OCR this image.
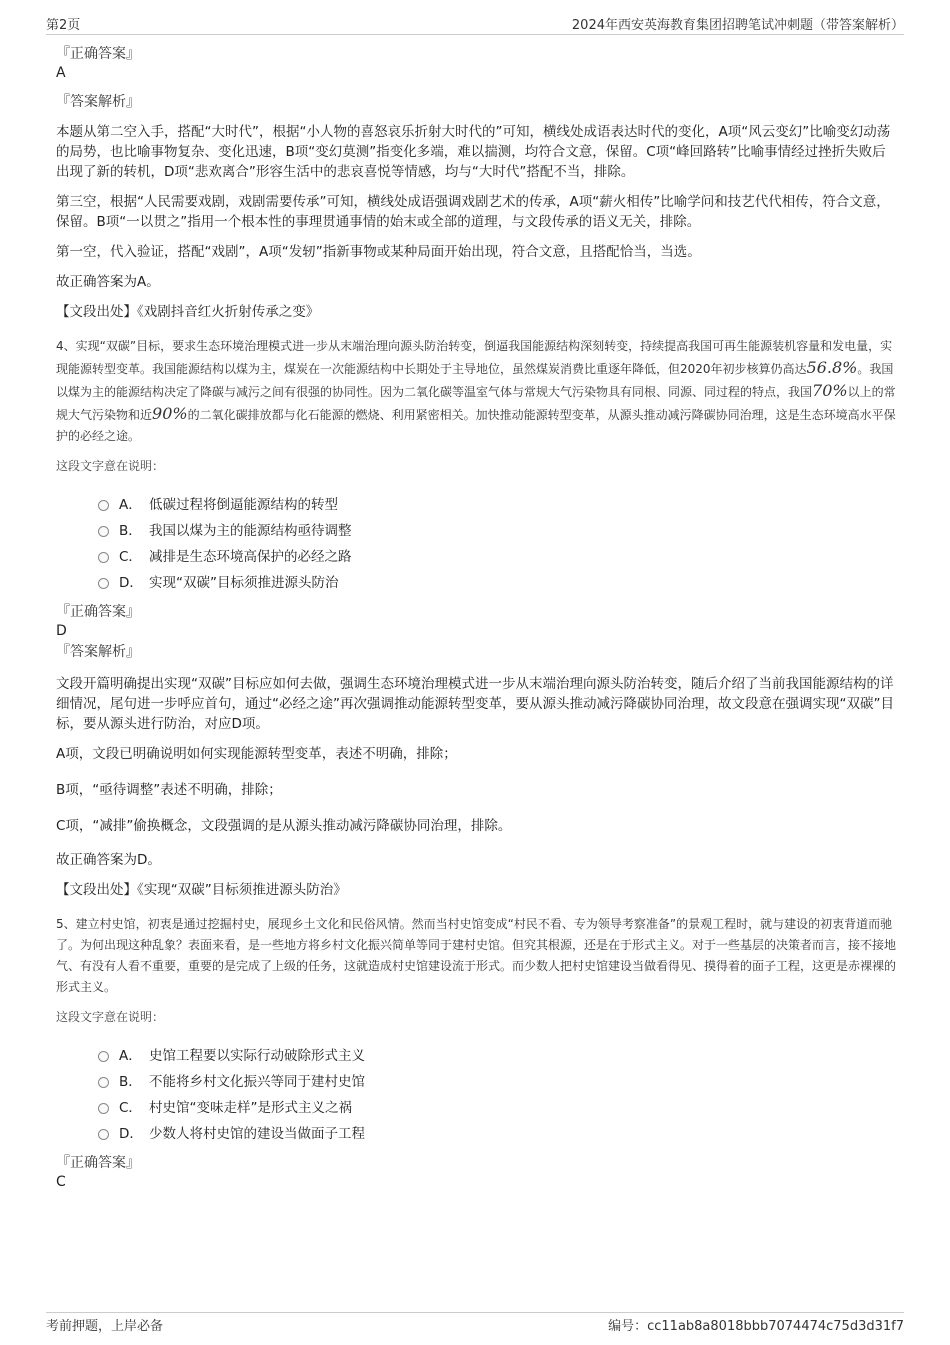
第2页	2024年西安英海教育集团招聘笔试冲刺题（带答案解析）
『正确答案』
A
『答案解析』

本题从第二空入手，搭配“大时代”，根据“小人物的喜怒哀乐折射大时代的”可知，横线处成语表达时代的变化，A项“风云变幻”比喻变幻动荡的局势，也比喻事物复杂、变化迅速，B项“变幻莫测”指变化多端，难以揣测，均符合文意，保留。C项“峰回路转”比喻事情经过挫折失败后出现了新的转机，D项“悲欢离合”形容生活中的悲哀喜悦等情感，均与“大时代”搭配不当，排除。

第三空，根据“人民需要戏剧，戏剧需要传承”可知，横线处成语强调戏剧艺术的传承，A项“薪火相传”比喻学问和技艺代代相传，符合文意，保留。B项“一以贯之”指用一个根本性的事理贯通事情的始末或全部的道理，与文段传承的语义无关，排除。

第一空，代入验证，搭配“戏剧”，A项“发轫”指新事物或某种局面开始出现，符合文意，且搭配恰当，当选。

故正确答案为A。

【文段出处】《戏剧抖音红火折射传承之变》

4、实现“双碳”目标，要求生态环境治理模式进一步从末端治理向源头防治转变，倒逼我国能源结构深刻转变，持续提高我国可再生能源装机容量和发电量，实现能源转型变革。我国能源结构以煤为主，煤炭在一次能源结构中长期处于主导地位，虽然煤炭消费比重逐年降低，但2020年初步核算仍高达56.8%。我国以煤为主的能源结构决定了降碳与减污之间有很强的协同性。因为二氧化碳等温室气体与常规大气污染物具有同根、同源、同过程的特点，我国70%以上的常规大气污染物和近90%的二氧化碳排放都与化石能源的燃烧、利用紧密相关。加快推动能源转型变革，从源头推动减污降碳协同治理，这是生态环境高水平保护的必经之途。

这段文字意在说明：
A． 低碳过程将倒逼能源结构的转型
B． 我国以煤为主的能源结构亟待调整
C． 减排是生态环境高保护的必经之路
D． 实现“双碳”目标须推进源头防治
『正确答案』
D
『答案解析』

文段开篇明确提出实现“双碳”目标应如何去做，强调生态环境治理模式进一步从末端治理向源头防治转变，随后介绍了当前我国能源结构的详细情况，尾句进一步呼应首句，通过“必经之途”再次强调推动能源转型变革，要从源头推动减污降碳协同治理，故文段意在强调实现“双碳”目标，要从源头进行防治，对应D项。

A项，文段已明确说明如何实现能源转型变革，表述不明确，排除；

B项，“亟待调整”表述不明确，排除；

C项，“减排”偷换概念，文段强调的是从源头推动减污降碳协同治理，排除。

故正确答案为D。

【文段出处】《实现“双碳”目标须推进源头防治》

5、建立村史馆，初衷是通过挖掘村史，展现乡土文化和民俗风情。然而当村史馆变成“村民不看、专为领导考察准备”的景观工程时，就与建设的初衷背道而驰了。为何出现这种乱象？表面来看，是一些地方将乡村文化振兴简单等同于建村史馆。但究其根源，还是在于形式主义。对于一些基层的决策者而言，接不接地气、有没有人看不重要，重要的是完成了上级的任务，这就造成村史馆建设流于形式。而少数人把村史馆建设当做看得见、摸得着的面子工程，这更是赤裸裸的形式主义。

这段文字意在说明：
A． 史馆工程要以实际行动破除形式主义
B． 不能将乡村文化振兴等同于建村史馆
C． 村史馆“变味走样”是形式主义之祸
D． 少数人将村史馆的建设当做面子工程
『正确答案』
C
考前押题，上岸必备	编号：cc11ab8a8018bbb7074474c75d3d31f7
